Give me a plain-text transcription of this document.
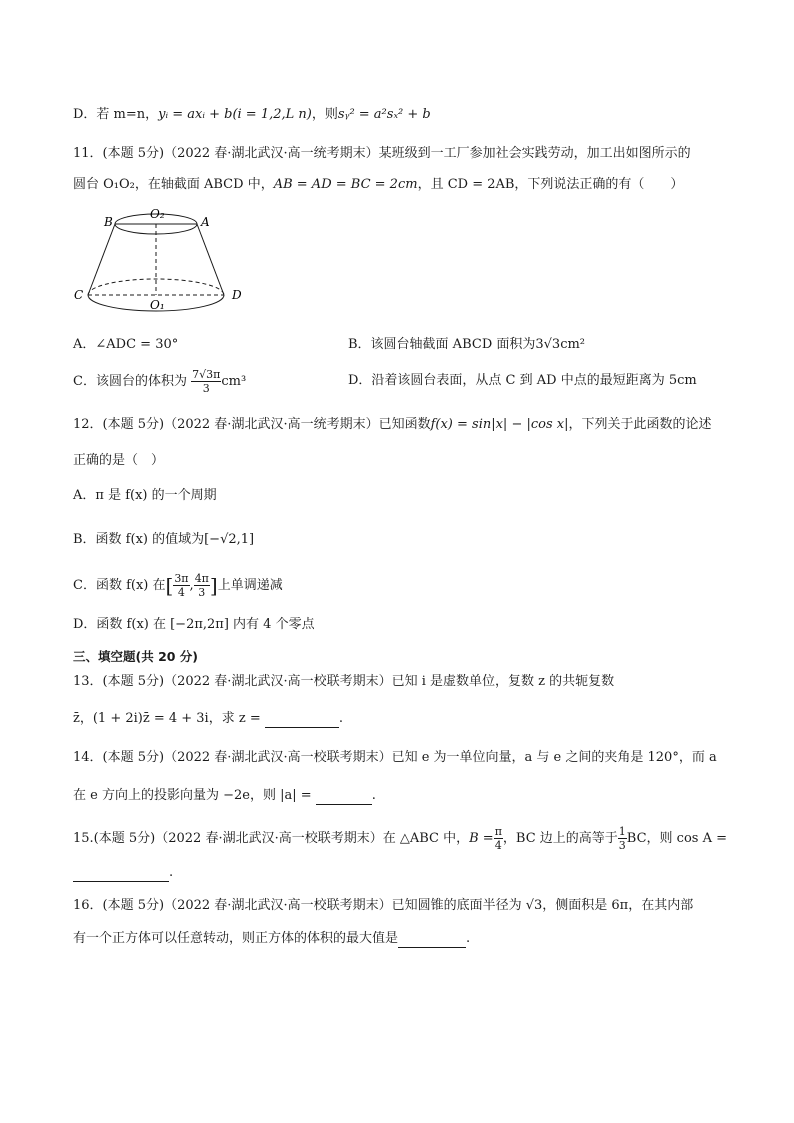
D．若 m=n，yᵢ = axᵢ + b(i = 1,2,L n)，则sᵧ² = a²sₓ² + b
11．(本题 5分)（2022 春·湖北武汉·高一统考期末）某班级到一工厂参加社会实践劳动，加工出如图所示的
圆台 O₁O₂，在轴截面 ABCD 中，AB = AD = BC = 2cm，且 CD = 2AB，下列说法正确的有（　　）
B
O₂
A
C
O₁
D
A．∠ADC = 30°	B．该圆台轴截面 ABCD 面积为3√3cm²
C．该圆台的体积为 $\frac{7√3\pi}{3} cm^3$	D．沿着该圆台表面，从点 C 到 AD 中点的最短距离为 5cm
12．(本题 5分)（2022 春·湖北武汉·高一统考期末）已知函数f(x) = sin|x| − |cos x|，下列关于此函数的论述
正确的是（　）
A．π 是 f(x) 的一个周期
B．函数 f(x) 的值域为[−√2,1]
C．函数 f(x) 在[ $\frac{3\pi}{4}$ , $\frac{4\pi}{3}$ ]上单调递减
D．函数 f(x) 在 [−2π,2π] 内有 4 个零点
三、填空题(共 20 分)
13．(本题 5分)（2022 春·湖北武汉·高一校联考期末）已知 i 是虚数单位，复数 z 的共轭复数
z̄，(1 + 2i)z̄ = 4 + 3i，求 z =	.
14．(本题 5分)（2022 春·湖北武汉·高一校联考期末）已知 e 为一单位向量，a 与 e 之间的夹角是 120°，而 a
在 e 方向上的投影向量为 −2e，则 |a| =	.
15.(本题 5分)（2022 春·湖北武汉·高一校联考期末）在 △ABC 中，$B = \frac{\pi}{4}$ ，BC 边上的高等于 $\frac{1}{3}$ BC，则 cos A =
.
16．(本题 5分)（2022 春·湖北武汉·高一校联考期末）已知圆锥的底面半径为 √3，侧面积是 6π，在其内部
有一个正方体可以任意转动，则正方体的体积的最大值是	.
